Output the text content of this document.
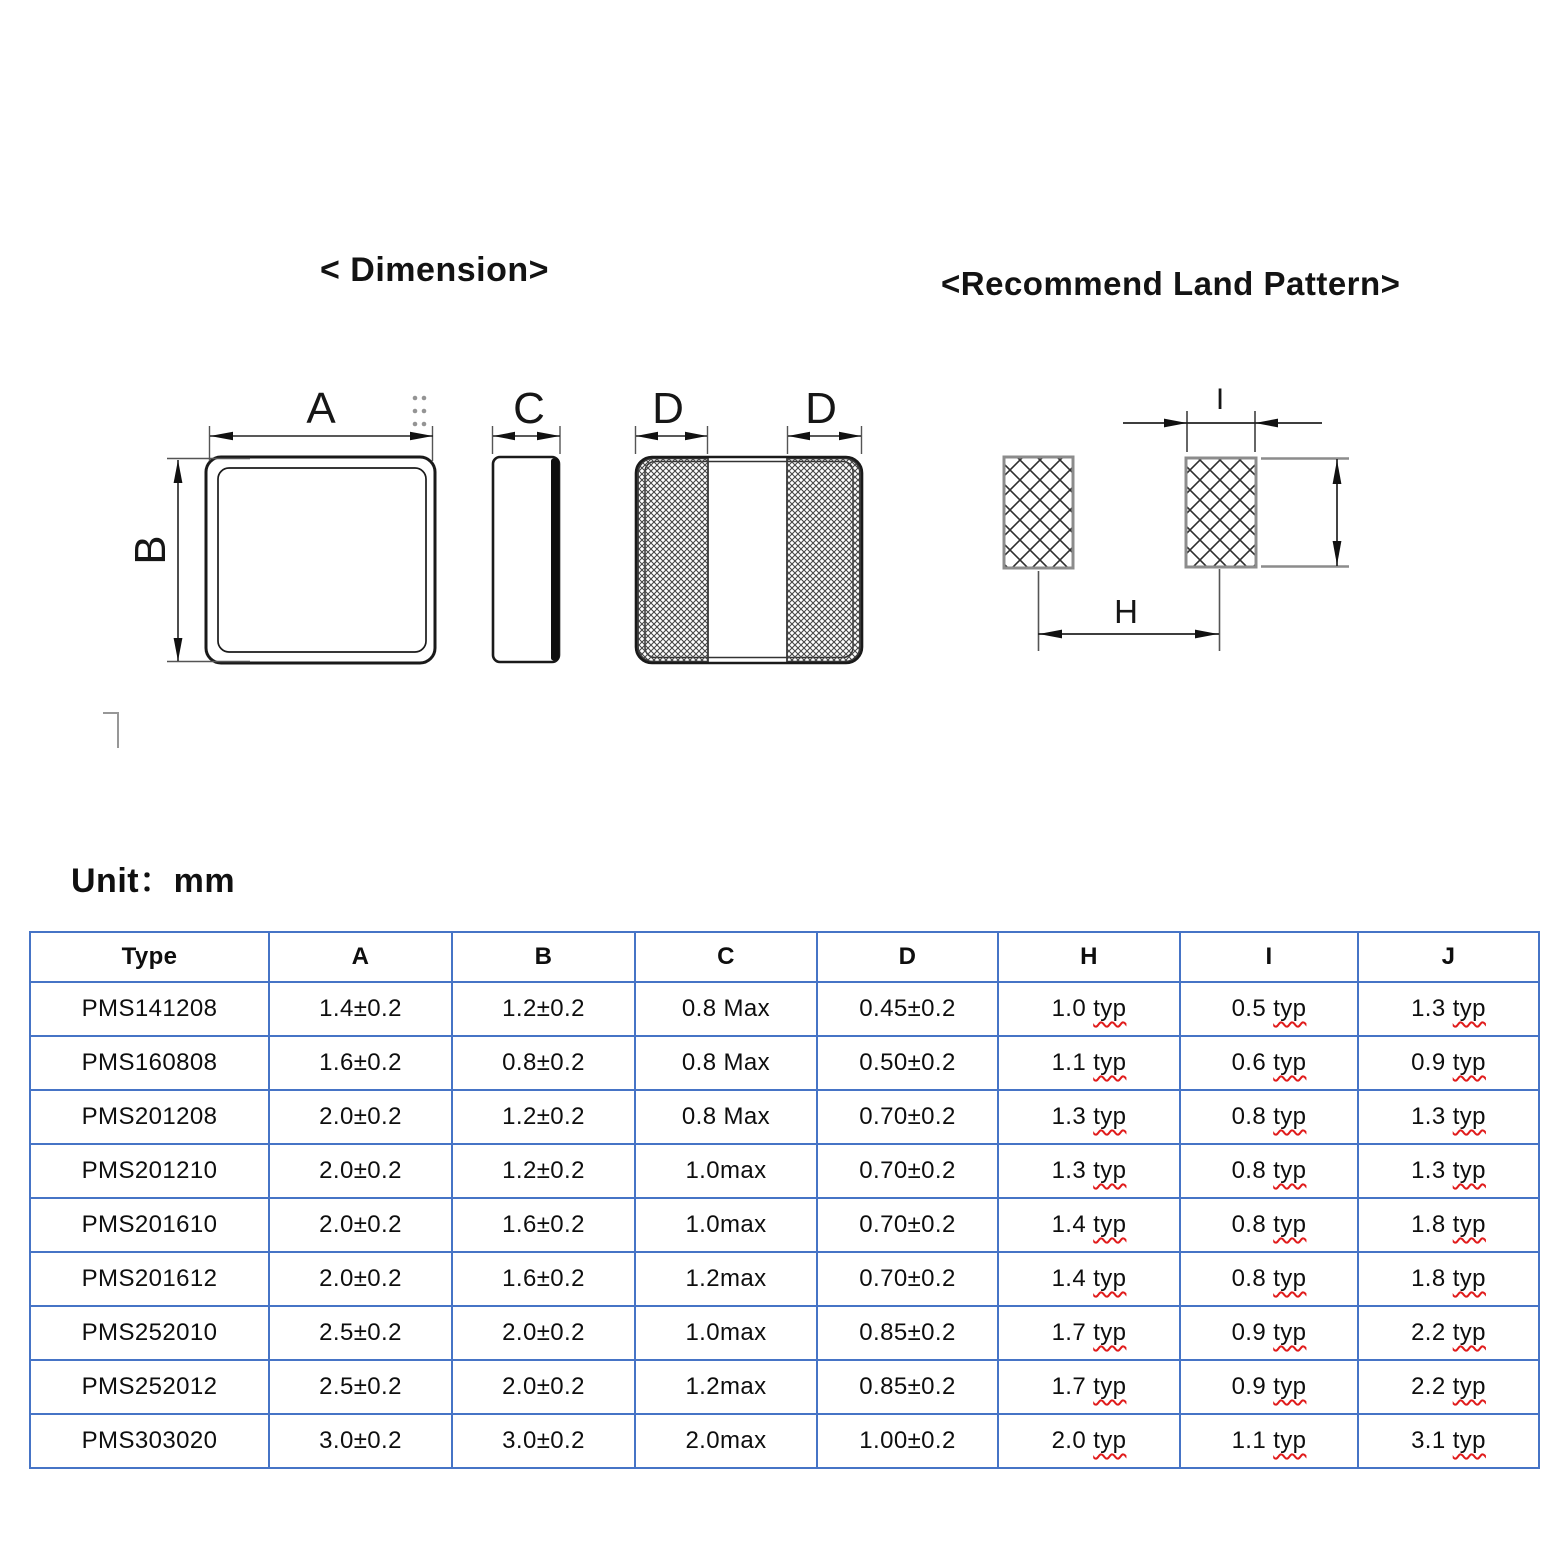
< Dimension>	<Recommend Land Pattern>
A
B
C D	D	I
H
Unit：mm
Type	A	B	C	D	H	I	J
PMS141208	1.4±0.2	1.2±0.2	0.8 Max	0.45±0.2	1.0 typ	0.5 typ	1.3 typ
PMS160808	1.6±0.2	0.8±0.2	0.8 Max	0.50±0.2	1.1 typ	0.6 typ	0.9 typ
PMS201208	2.0±0.2	1.2±0.2	0.8 Max	0.70±0.2	1.3 typ	0.8 typ	1.3 typ
PMS201210	2.0±0.2	1.2±0.2	1.0max	0.70±0.2	1.3 typ	0.8 typ	1.3 typ
PMS201610	2.0±0.2	1.6±0.2	1.0max	0.70±0.2	1.4 typ	0.8 typ	1.8 typ
PMS201612	2.0±0.2	1.6±0.2	1.2max	0.70±0.2	1.4 typ	0.8 typ	1.8 typ
PMS252010	2.5±0.2	2.0±0.2	1.0max	0.85±0.2	1.7 typ	0.9 typ	2.2 typ
PMS252012	2.5±0.2	2.0±0.2	1.2max	0.85±0.2	1.7 typ	0.9 typ	2.2 typ
PMS303020	3.0±0.2	3.0±0.2	2.0max	1.00±0.2	2.0 typ	1.1 typ	3.1 typ
